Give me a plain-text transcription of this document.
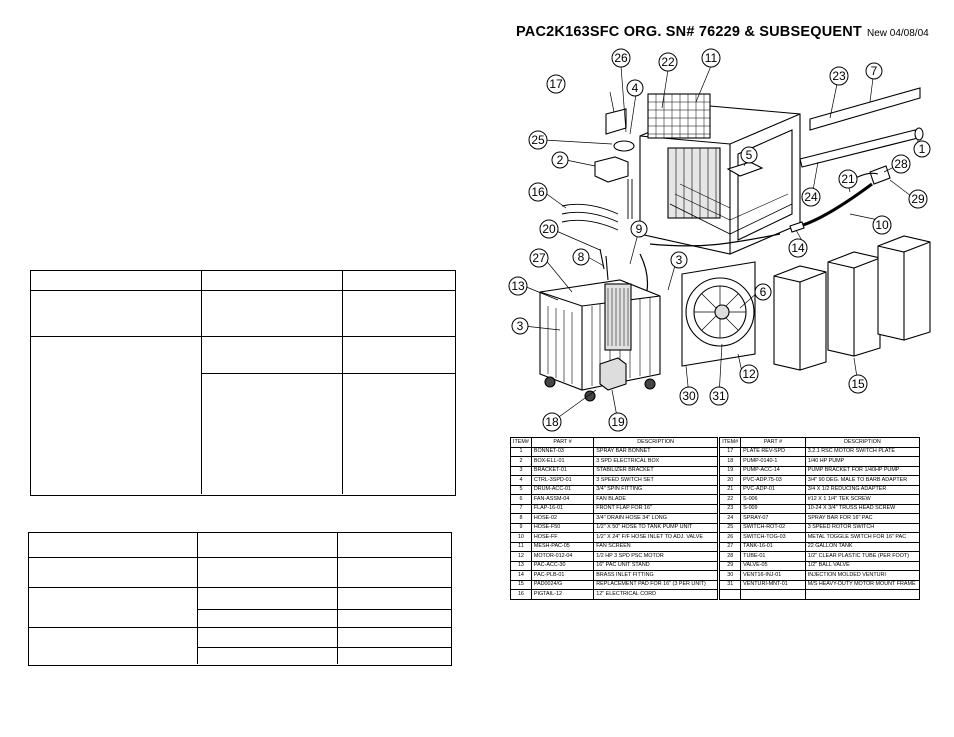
PAC2K163SFC ORG. SN# 76229 & SUBSEQUENT New 04/08/04
26	22	11
17	4
25
2
16
5
23 7
1
28
21
29
24
10
14
20
8
9
27	3
13
3
6
12
18	19
30 31
15
ITEM#	PART #	DESCRIPTION		ITEM#	PART #	DESCRIPTION
1	BONNET-03	SPRAY BAR BONNET		17	PLATE REV-SPD	3.2.1 RSC MOTOR SWITCH PLATE
2	BOX-ELL-01	3 SPD ELECTRICAL BOX		18	PUMP-0140-1	1/40 HP PUMP
3	BRACKET-01	STABILIZER BRACKET		19	PUMP-ACC-14	PUMP BRACKET FOR 1/40HP PUMP
4	CTRL-3SPD-01	3 SPEED SWITCH SET		20	PVC-ADP.75-03	3/4" 90 DEG. MALE TO BARB ADAPTER
5	DRUM-ACC-01	3/4" SPIN FITTING		21	PVC-ADP-01	3/4 X 1/2 REDUCING ADAPTER
6	FAN-ASSM-04	FAN BLADE		22	S-006	#12 X 1 1/4" TEK SCREW
7	FLAP-16-01	FRONT FLAP FOR 16"		23	S-009	10-24 X 3/4" TRUSS HEAD SCREW
8	HOSE-02	3/4" DRAIN HOSE 34" LONG		24	SPRAY-07	SPRAY BAR FOR 16" PAC
9	HOSE-F50	1/2" X 50" HOSE TO TANK PUMP UNIT		25	SWITCH-ROT-02	3 SPEED ROTOR SWITCH
10	HOSE-FF	1/2" X 24" F/F HOSE INLET TO ADJ. VALVE		26	SWITCH-TOG-03	METAL TOGGLE SWITCH FOR 16" PAC
11	MESH-PAC-05	FAN SCREEN		27	TANK-16-01	22 GALLON TANK
12	MOTOR-012-04	1/2 HP 3 SPD PSC MOTOR		28	TUBE-01	1/2" CLEAR PLASTIC TUBE (PER FOOT)
13	PAC-ACC-30	16" PAC UNIT STAND		29	VALVE-05	1/2" BALL VALVE
14	PAC-PLB-01	BRASS INLET FITTING		30	VENT16-INJ-01	INJECTION MOLDED VENTURI
15	PAD0024/G	REPLACEMENT PAD FOR 16" (3 PER UNIT)		31	VENTURI-MNT-01	M/S HEAVY-DUTY MOTOR MOUNT FRAME
16	PIGTAIL-12	12" ELECTRICAL CORD				
